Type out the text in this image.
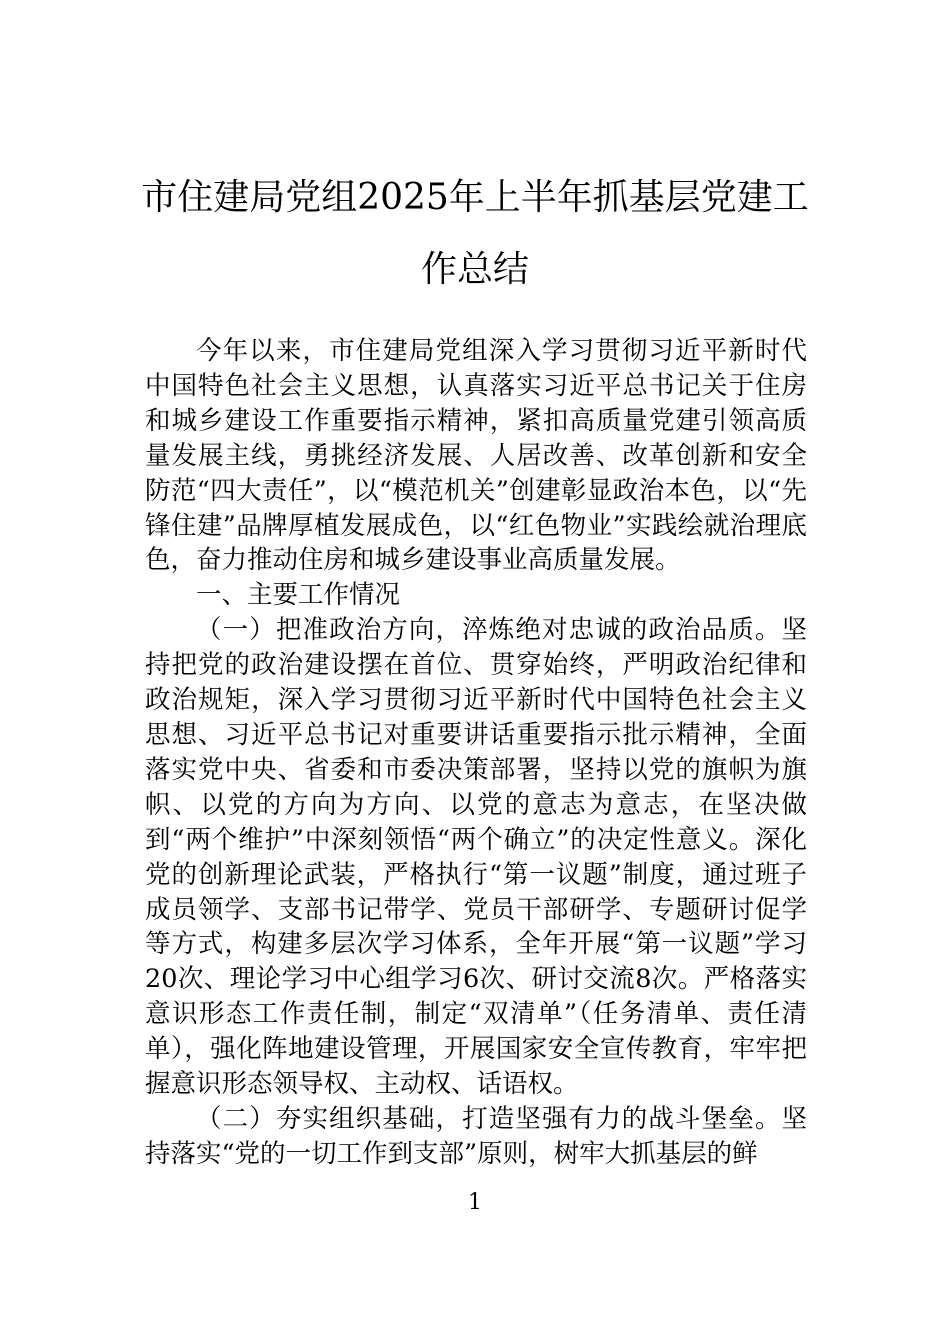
市住建局党组2025年上半年抓基层党建工
作总结

今年以来，市住建局党组深入学习贯彻习近平新时代中国特色社会主义思想，认真落实习近平总书记关于住房和城乡建设工作重要指示精神，紧扣高质量党建引领高质量发展主线，勇挑经济发展、人居改善、改革创新和安全防范“四大责任”，以“模范机关”创建彰显政治本色，以“先锋住建”品牌厚植发展成色，以“红色物业”实践绘就治理底色，奋力推动住房和城乡建设事业高质量发展。

一、主要工作情况

（一）把准政治方向，淬炼绝对忠诚的政治品质。坚持把党的政治建设摆在首位、贯穿始终，严明政治纪律和政治规矩，深入学习贯彻习近平新时代中国特色社会主义思想、习近平总书记对重要讲话重要指示批示精神，全面落实党中央、省委和市委决策部署，坚持以党的旗帜为旗帜、以党的方向为方向、以党的意志为意志，在坚决做到“两个维护”中深刻领悟“两个确立”的决定性意义。深化党的创新理论武装，严格执行“第一议题”制度，通过班子成员领学、支部书记带学、党员干部研学、专题研讨促学等方式，构建多层次学习体系，全年开展“第一议题”学习20次、理论学习中心组学习6次、研讨交流8次。严格落实意识形态工作责任制，制定“双清单”（任务清单、责任清单），强化阵地建设管理，开展国家安全宣传教育，牢牢把握意识形态领导权、主动权、话语权。

（二）夯实组织基础，打造坚强有力的战斗堡垒。坚持落实“党的一切工作到支部”原则，树牢大抓基层的鲜

1
